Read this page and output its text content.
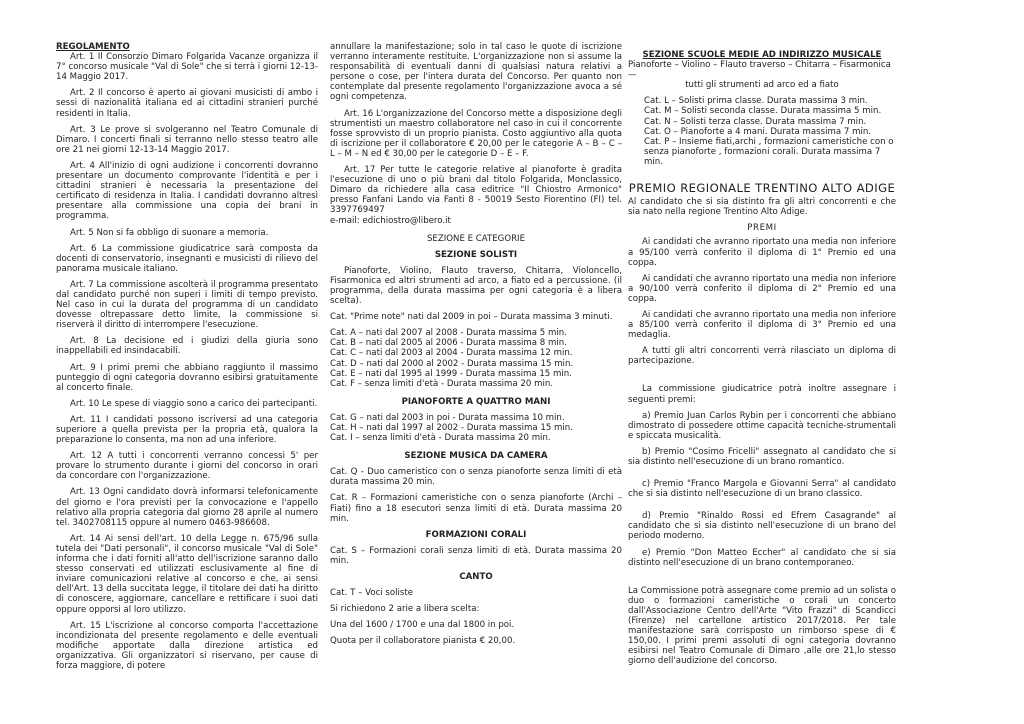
REGOLAMENTO

Art. 1 Il Consorzio Dimaro Folgarida Vacanze organizza il 7° concorso musicale "Val di Sole" che si terrà i giorni 12-13-14 Maggio 2017.

Art. 2 Il concorso è aperto ai giovani musicisti di ambo i sessi di nazionalità italiana ed ai cittadini stranieri purché residenti in Italia.

Art. 3 Le prove si svolgeranno nel Teatro Comunale di Dimaro. I concerti finali si terranno nello stesso teatro alle ore 21 nei giorni 12-13-14 Maggio 2017.

Art. 4 All'inizio di ogni audizione i concorrenti dovranno presentare un documento comprovante l'identità e per i cittadini stranieri è necessaria la presentazione del certificato di residenza in Italia. I candidati dovranno altresì presentare alla commissione una copia dei brani in programma.

Art. 5 Non si fa obbligo di suonare a memoria.

Art. 6 La commissione giudicatrice sarà composta da docenti di conservatorio, insegnanti e musicisti di rilievo del panorama musicale italiano.

Art. 7 La commissione ascolterà il programma presentato dal candidato purché non superi i limiti di tempo previsto. Nel caso in cui la durata del programma di un candidato dovesse oltrepassare detto limite, la commissione si riserverà il diritto di interrompere l'esecuzione.

Art. 8 La decisione ed i giudizi della giuria sono inappellabili ed insindacabili.

Art. 9 I primi premi che abbiano raggiunto il massimo punteggio di ogni categoria dovranno esibirsi gratuitamente al concerto finale.

Art. 10 Le spese di viaggio sono a carico dei partecipanti.

Art. 11 I candidati possono iscriversi ad una categoria superiore a quella prevista per la propria età, qualora la preparazione lo consenta, ma non ad una inferiore.

Art. 12 A tutti i concorrenti verranno concessi 5' per provare lo strumento durante i giorni del concorso in orari da concordare con l'organizzazione.

Art. 13 Ogni candidato dovrà informarsi telefonicamente del giorno e l'ora previsti per la convocazione e l'appello relativo alla propria categoria dal giorno 28 aprile al numero tel. 3402708115 oppure al numero 0463-986608.

Art. 14 Ai sensi dell'art. 10 della Legge n. 675/96 sulla tutela dei "Dati personali", il concorso musicale "Val di Sole" informa che i dati forniti all'atto dell'iscrizione saranno dallo stesso conservati ed utilizzati esclusivamente al fine di inviare comunicazioni relative al concorso e che, ai sensi dell'Art. 13 della succitata legge, il titolare dei dati ha diritto di conoscere, aggiornare, cancellare e rettificare i suoi dati oppure opporsi al loro utilizzo.

Art. 15 L'iscrizione al concorso comporta l'accettazione incondizionata del presente regolamento e delle eventuali modifiche apportate dalla direzione artistica ed organizzativa. Gli organizzatori si riservano, per cause di forza maggiore, di potere

annullare la manifestazione; solo in tal caso le quote di iscrizione verranno interamente restituite. L'organizzazione non si assume la responsabilità di eventuali danni di qualsiasi natura relativi a persone o cose, per l'intera durata del Concorso. Per quanto non contemplate dal presente regolamento l'organizzazione avoca a sé ogni competenza.

Art. 16 L'organizzazione del Concorso mette a disposizione degli strumentisti un maestro collaboratore nel caso in cui il concorrente fosse sprovvisto di un proprio pianista. Costo aggiuntivo alla quota di iscrizione per il collaboratore € 20,00 per le categorie A – B – C – L – M – N ed € 30,00 per le categorie D – E – F.

Art. 17 Per tutte le categorie relative al pianoforte è gradita l'esecuzione di uno o più brani dal titolo Folgarida, Monclassico, Dimaro da richiedere alla casa editrice "Il Chiostro Armonico" presso Fanfani Lando via Fanti 8 - 50019 Sesto Fiorentino (FI) tel. 3397769497

e-mail: edichiostro@libero.it

SEZIONE E CATEGORIE

SEZIONE SOLISTI

Pianoforte, Violino, Flauto traverso, Chitarra, Violoncello, Fisarmonica ed altri strumenti ad arco, a fiato ed a percussione. (il programma, della durata massima per ogni categoria è a libera scelta).

Cat. "Prime note" nati dal 2009 in poi – Durata massima 3 minuti.

Cat. A – nati dal 2007 al 2008 - Durata massima 5 min.
Cat. B – nati dal 2005 al 2006 - Durata massima 8 min.
Cat. C – nati dal 2003 al 2004 - Durata massima 12 min.
Cat. D – nati dal 2000 al 2002 - Durata massima 15 min.
Cat. E – nati dal 1995 al 1999 - Durata massima 15 min.
Cat. F – senza limiti d'età - Durata massima 20 min.
PIANOFORTE A QUATTRO MANI
Cat. G – nati dal 2003 in poi - Durata massima 10 min.
Cat. H – nati dal 1997 al 2002 - Durata massima 15 min.
Cat. I – senza limiti d'età - Durata massima 20 min.
SEZIONE MUSICA DA CAMERA

Cat. Q - Duo cameristico con o senza pianoforte senza limiti di età durata massima 20 min.

Cat. R – Formazioni cameristiche con o senza pianoforte (Archi – Fiati) fino a 18 esecutori senza limiti di età. Durata massima 20 min.

FORMAZIONI CORALI

Cat. S – Formazioni corali senza limiti di età. Durata massima 20 min.

CANTO

Cat. T – Voci soliste

Si richiedono 2 arie a libera scelta:

Una del 1600 / 1700 e una dal 1800 in poi.

Quota per il collaboratore pianista € 20,00.

SEZIONE SCUOLE MEDIE AD INDIRIZZO MUSICALE
Pianoforte – Violino – Flauto traverso – Chitarra – Fisarmonica—
tutti gli strumenti ad arco ed a fiato
Cat. L – Solisti prima classe. Durata massima 3 min.
Cat. M – Solisti seconda classe. Durata massima 5 min.
Cat. N – Solisti terza classe. Durata massima 7 min.
Cat. O – Pianoforte a 4 mani. Durata massima 7 min.
Cat. P – Insieme fiati,archi , formazioni cameristiche con o senza pianoforte , formazioni corali. Durata massima 7 min.
PREMIO REGIONALE TRENTINO ALTO ADIGE

Al candidato che si sia distinto fra gli altri concorrenti e che sia nato nella regione Trentino Alto Adige.

PREMI

Ai candidati che avranno riportato una media non inferiore a 95/100 verrà conferito il diploma di 1° Premio ed una coppa.

Ai candidati che avranno riportato una media non inferiore a 90/100 verrà conferito il diploma di 2° Premio ed una coppa.

Ai candidati che avranno riportato una media non inferiore a 85/100 verrà conferito il diploma di 3° Premio ed una medaglia.

A tutti gli altri concorrenti verrà rilasciato un diploma di partecipazione.

La commissione giudicatrice potrà inoltre assegnare i seguenti premi:

a) Premio Juan Carlos Rybin per i concorrenti che abbiano dimostrato di possedere ottime capacità tecniche-strumentali e spiccata musicalità.

b) Premio "Cosimo Fricelli" assegnato al candidato che si sia distinto nell'esecuzione di un brano romantico.

c) Premio "Franco Margola e Giovanni Serra" al candidato che si sia distinto nell'esecuzione di un brano classico.

d) Premio "Rinaldo Rossi ed Efrem Casagrande" al candidato che si sia distinto nell'esecuzione di un brano del periodo moderno.

e) Premio "Don Matteo Eccher" al candidato che si sia distinto nell'esecuzione di un brano contemporaneo.

La Commissione potrà assegnare come premio ad un solista o duo o formazioni cameristiche o corali un concerto dall'Associazione Centro dell'Arte "Vito Frazzi" di Scandicci (Firenze) nel cartellone artistico 2017/2018. Per tale manifestazione sarà corrisposto un rimborso spese di € 150,00. I primi premi assoluti di ogni categoria dovranno esibirsi nel Teatro Comunale di Dimaro ,alle ore 21,lo stesso giorno dell'audizione del concorso.
